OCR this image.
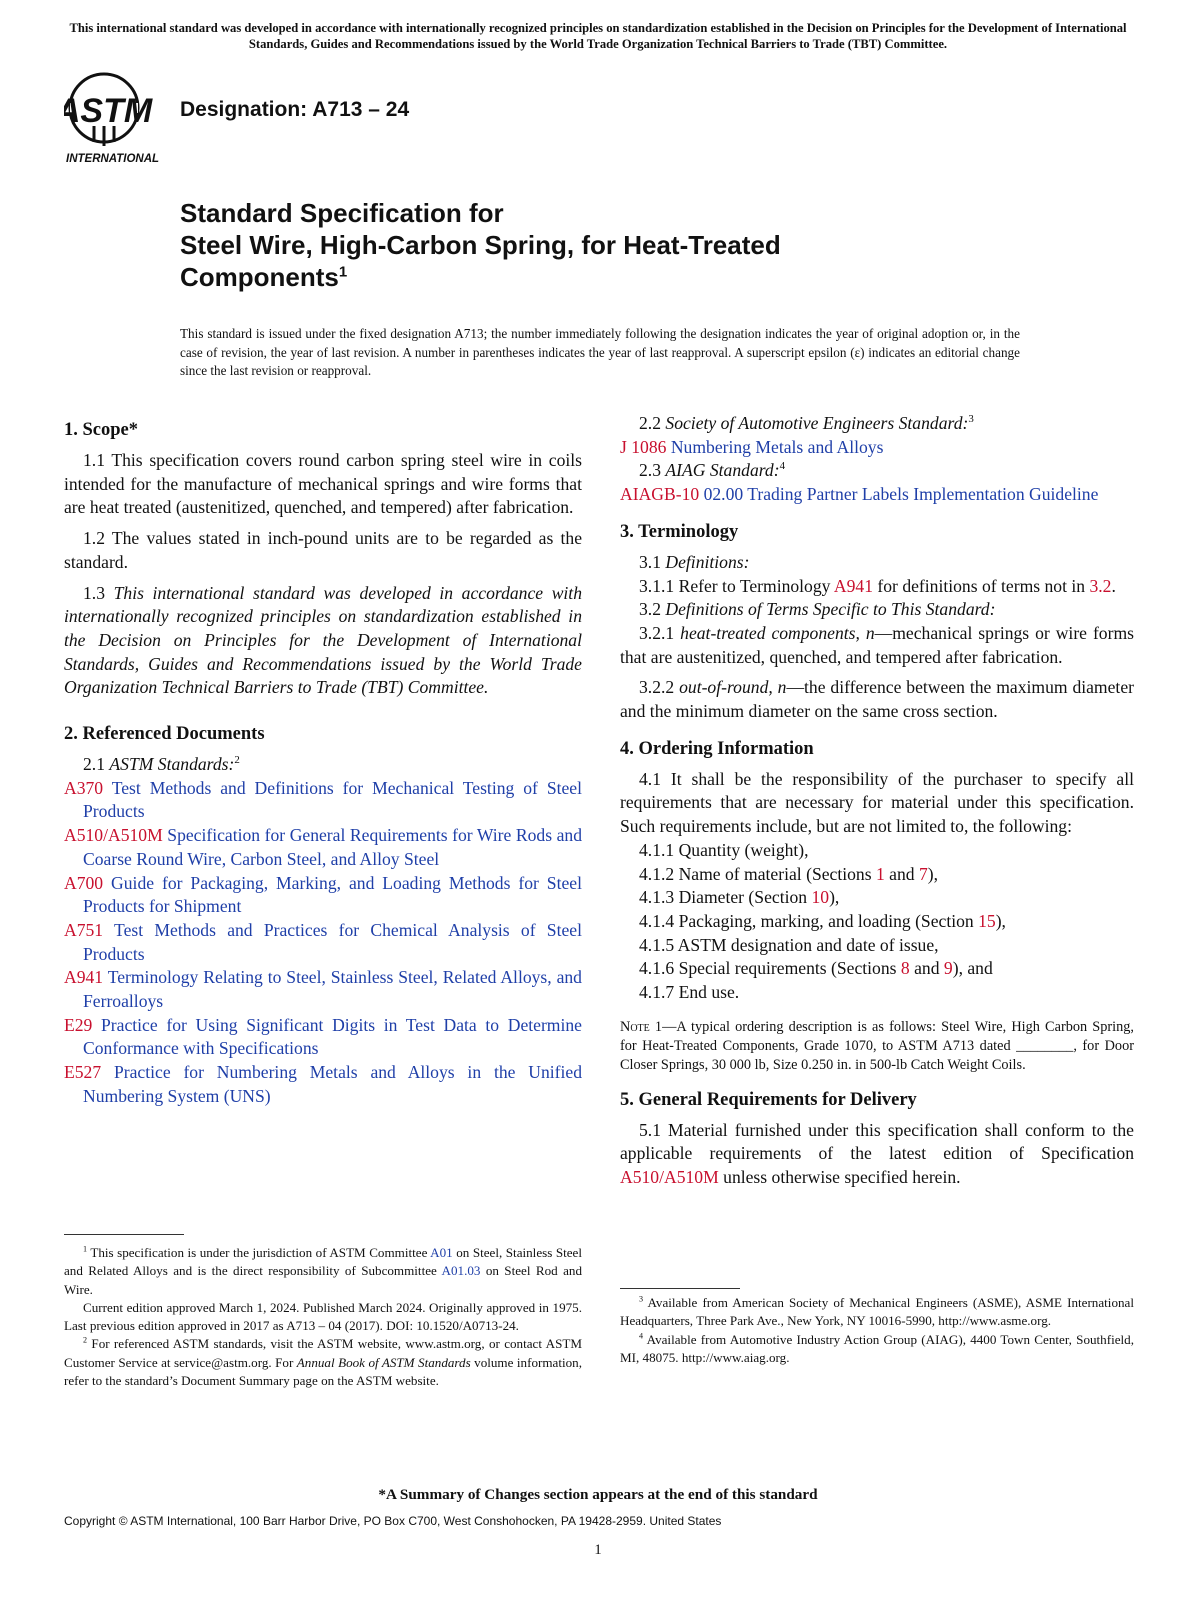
This international standard was developed in accordance with internationally recognized principles on standardization established in the Decision on Principles for the Development of International Standards, Guides and Recommendations issued by the World Trade Organization Technical Barriers to Trade (TBT) Committee.
ASTM
INTERNATIONAL
Designation: A713 – 24
Standard Specification for
Steel Wire, High-Carbon Spring, for Heat-Treated
Components$^1$
This standard is issued under the fixed designation A713; the number immediately following the designation indicates the year of original adoption or, in the case of revision, the year of last revision. A number in parentheses indicates the year of last reapproval. A superscript epsilon (ε) indicates an editorial change since the last revision or reapproval.
1. Scope*

1.1 This specification covers round carbon spring steel wire in coils intended for the manufacture of mechanical springs and wire forms that are heat treated (austenitized, quenched, and tempered) after fabrication.

1.2 The values stated in inch-pound units are to be regarded as the standard.

1.3 This international standard was developed in accordance with internationally recognized principles on standardization established in the Decision on Principles for the Development of International Standards, Guides and Recommendations issued by the World Trade Organization Technical Barriers to Trade (TBT) Committee.

2. Referenced Documents

2.1 ASTM Standards:$^2$

A370 Test Methods and Definitions for Mechanical Testing of Steel Products

A510/A510M Specification for General Requirements for Wire Rods and Coarse Round Wire, Carbon Steel, and Alloy Steel

A700 Guide for Packaging, Marking, and Loading Methods for Steel Products for Shipment

A751 Test Methods and Practices for Chemical Analysis of Steel Products

A941 Terminology Relating to Steel, Stainless Steel, Related Alloys, and Ferroalloys

E29 Practice for Using Significant Digits in Test Data to Determine Conformance with Specifications

E527 Practice for Numbering Metals and Alloys in the Unified Numbering System (UNS)

$^1$ This specification is under the jurisdiction of ASTM Committee A01 on Steel, Stainless Steel and Related Alloys and is the direct responsibility of Subcommittee A01.03 on Steel Rod and Wire.

Current edition approved March 1, 2024. Published March 2024. Originally approved in 1975. Last previous edition approved in 2017 as A713 – 04 (2017). DOI: 10.1520/A0713-24.

$^2$ For referenced ASTM standards, visit the ASTM website, www.astm.org, or contact ASTM Customer Service at service@astm.org. For Annual Book of ASTM Standards volume information, refer to the standard’s Document Summary page on the ASTM website.

2.2 Society of Automotive Engineers Standard:$^3$

J 1086 Numbering Metals and Alloys

2.3 AIAG Standard:$^4$

AIAGB-10 02.00 Trading Partner Labels Implementation Guideline

3. Terminology

3.1 Definitions:

3.1.1 Refer to Terminology A941 for definitions of terms not in 3.2.

3.2 Definitions of Terms Specific to This Standard:

3.2.1 heat-treated components, n—mechanical springs or wire forms that are austenitized, quenched, and tempered after fabrication.

3.2.2 out-of-round, n—the difference between the maximum diameter and the minimum diameter on the same cross section.

4. Ordering Information

4.1 It shall be the responsibility of the purchaser to specify all requirements that are necessary for material under this specification. Such requirements include, but are not limited to, the following:

4.1.1 Quantity (weight),

4.1.2 Name of material (Sections 1 and 7),

4.1.3 Diameter (Section 10),

4.1.4 Packaging, marking, and loading (Section 15),

4.1.5 ASTM designation and date of issue,

4.1.6 Special requirements (Sections 8 and 9), and

4.1.7 End use.

Note 1—A typical ordering description is as follows: Steel Wire, High Carbon Spring, for Heat-Treated Components, Grade 1070, to ASTM A713 dated ________, for Door Closer Springs, 30 000 lb, Size 0.250 in. in 500-lb Catch Weight Coils.

5. General Requirements for Delivery

5.1 Material furnished under this specification shall conform to the applicable requirements of the latest edition of Specification A510/A510M unless otherwise specified herein.

$^3$ Available from American Society of Mechanical Engineers (ASME), ASME International Headquarters, Three Park Ave., New York, NY 10016-5990, http://www.asme.org.

$^4$ Available from Automotive Industry Action Group (AIAG), 4400 Town Center, Southfield, MI, 48075. http://www.aiag.org.

*A Summary of Changes section appears at the end of this standard
Copyright © ASTM International, 100 Barr Harbor Drive, PO Box C700, West Conshohocken, PA 19428-2959. United States
1
